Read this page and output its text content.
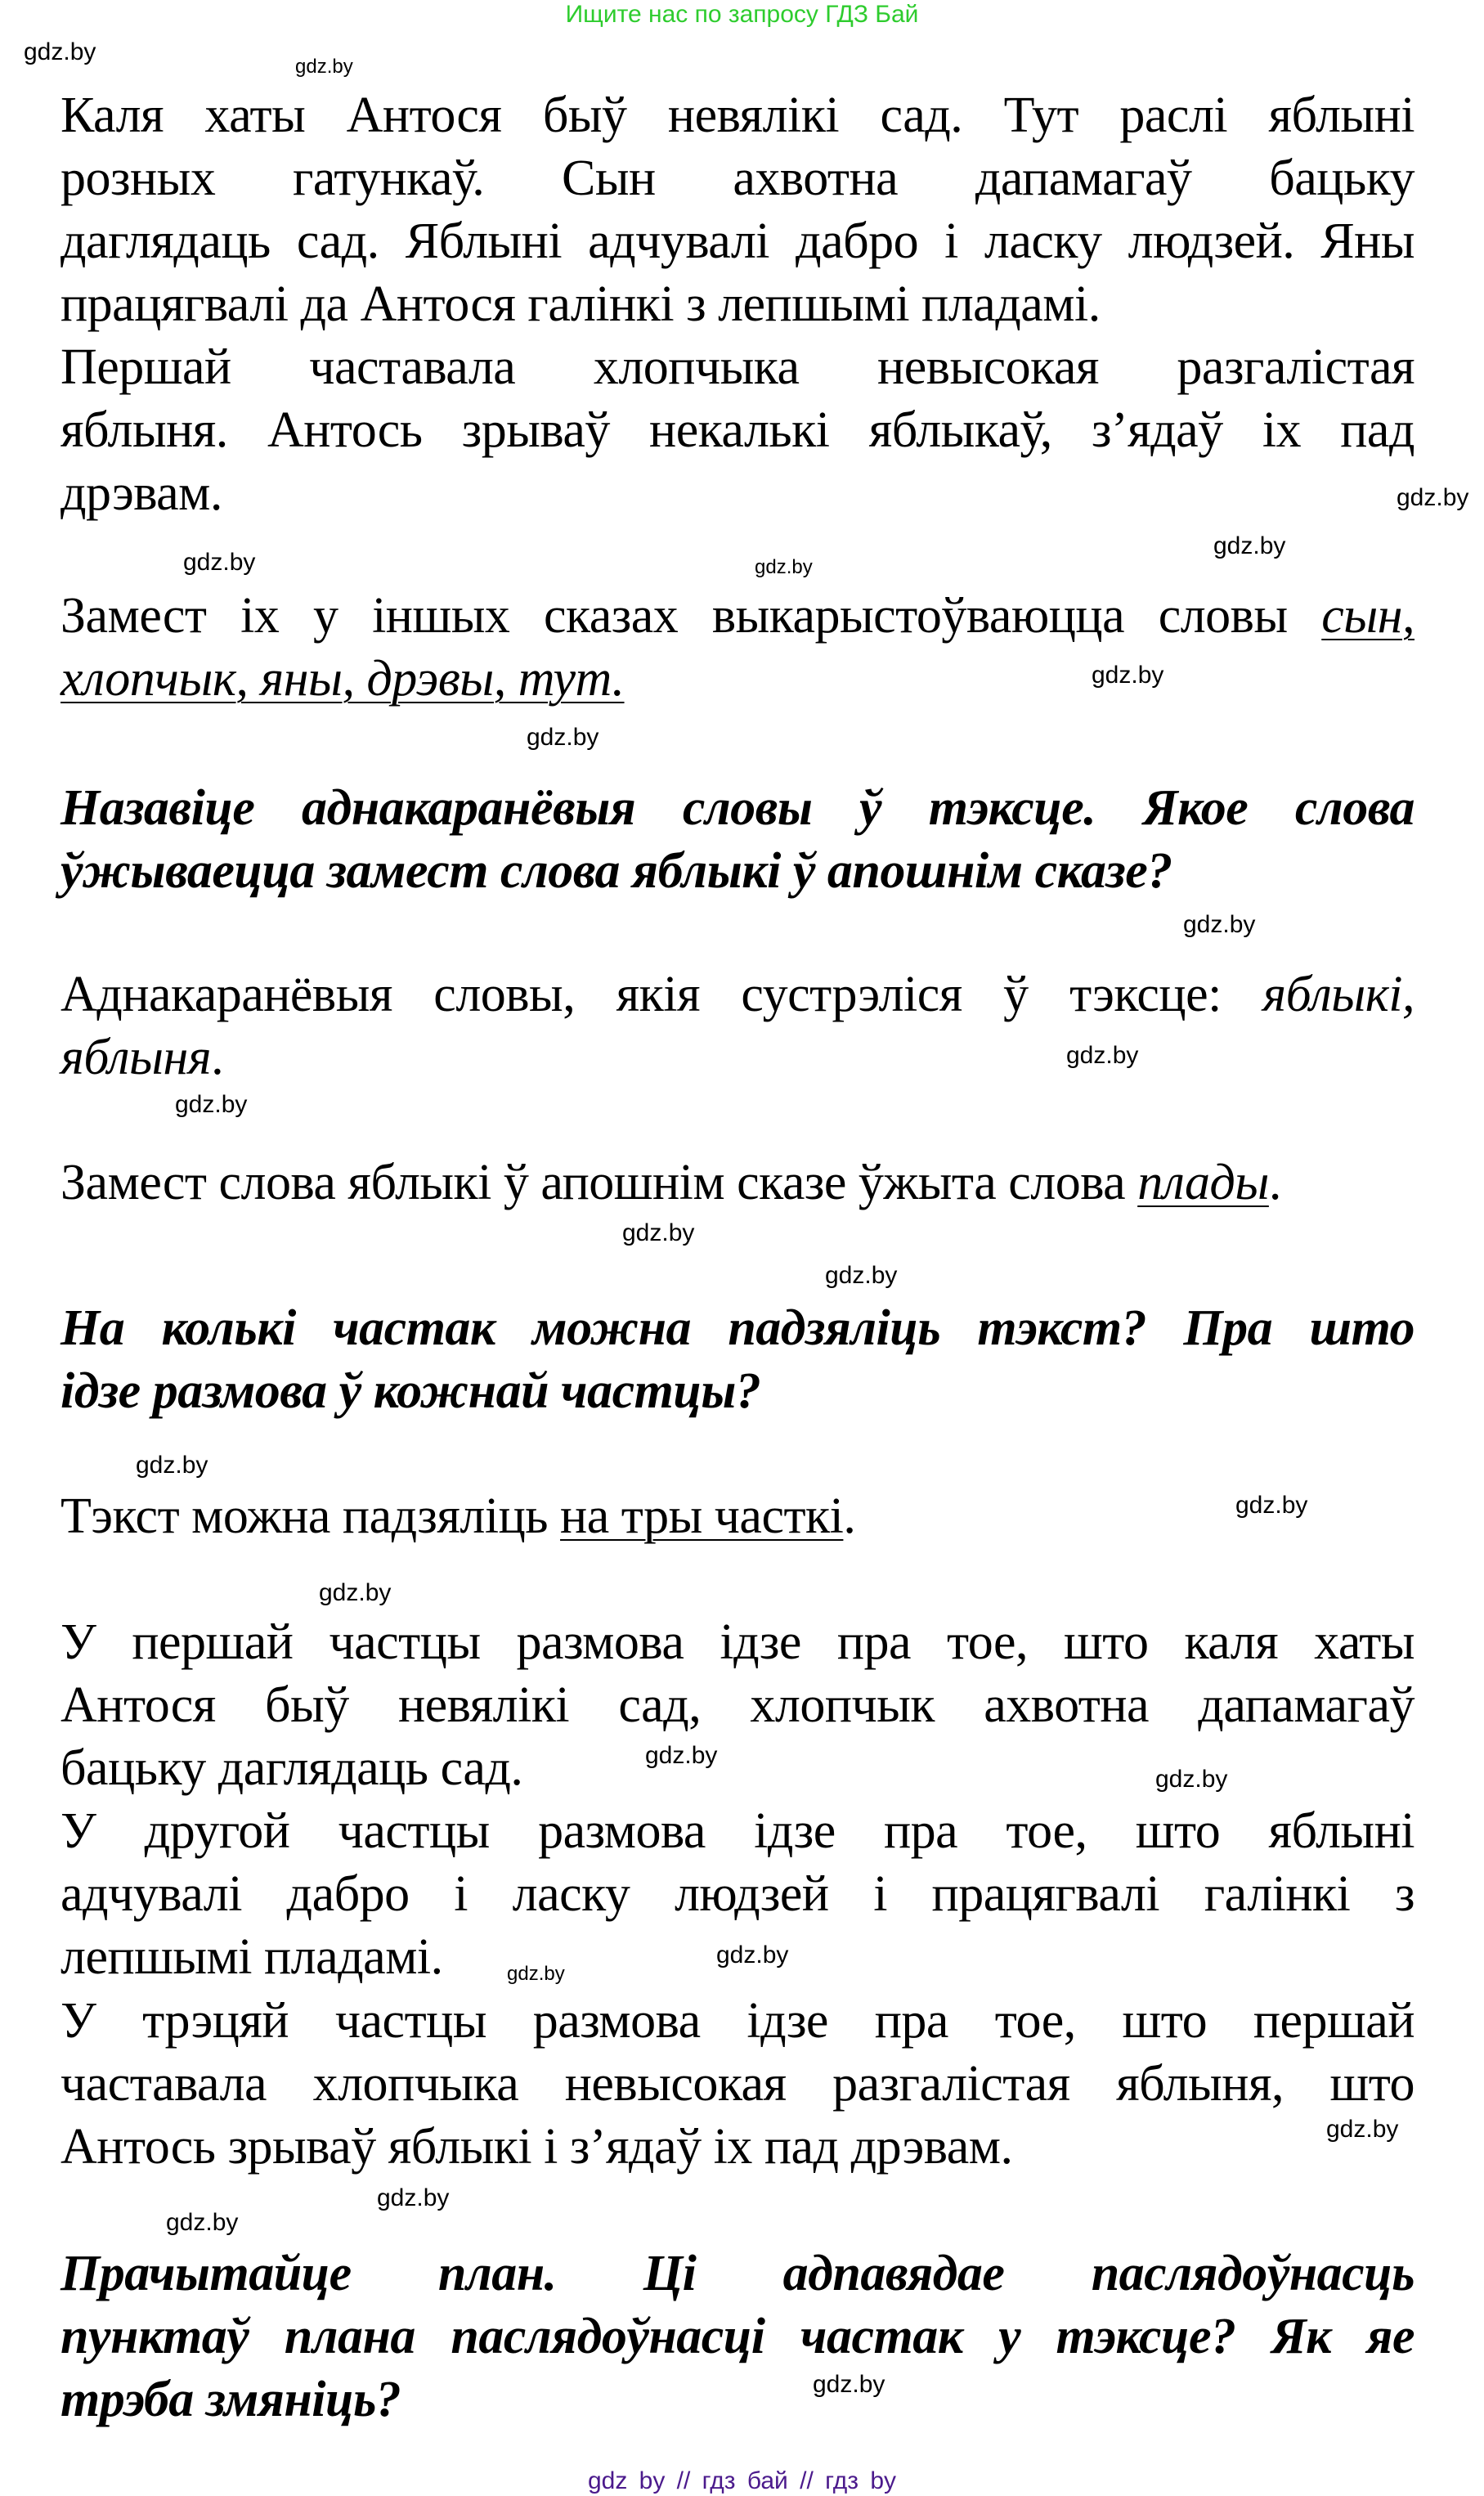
Ищите нас по запросу ГДЗ Бай
Каля хаты Антося быў невялікі сад. Тут раслі яблыні
розных гатункаў. Сын ахвотна дапамагаў бацьку
даглядаць сад. Яблыні адчувалі дабро і ласку людзей. Яны
працягвалі да Антося галінкі з лепшымі пладамі.
Першай частавала хлопчыка невысокая разгалістая
яблыня. Антось зрываў некалькі яблыкаў, з’ядаў іх пад
дрэвам.
Замест іх у іншых сказах выкарыстоўваюцца словы сын,
хлопчык, яны, дрэвы, тут.
Назавіце аднакаранёвыя словы ў тэксце. Якое слова
ўжываецца замест слова яблыкі ў апошнім сказе?
Аднакаранёвыя словы, якія сустрэліся ў тэксце: яблыкі,
яблыня.
Замест слова яблыкі ў апошнім сказе ўжыта слова плады.
На колькі частак можна падзяліць тэкст? Пра што
ідзе размова ў кожнай частцы?
Тэкст можна падзяліць на тры часткі.
У першай частцы размова ідзе пра тое, што каля хаты
Антося быў невялікі сад, хлопчык ахвотна дапамагаў
бацьку даглядаць сад.
У другой частцы размова ідзе пра тое, што яблыні
адчувалі дабро і ласку людзей і працягвалі галінкі з
лепшымі пладамі.
У трэцяй частцы размова ідзе пра тое, што першай
частавала хлопчыка невысокая разгалістая яблыня, што
Антось зрываў яблыкі і з’ядаў іх пад дрэвам.
Прачытайце план. Ці адпавядае паслядоўнасць
пунктаў плана паслядоўнасці частак у тэксце? Як яе
трэба змяніць?
gdz.by
gdz.by
gdz.by
gdz.by
gdz.by
gdz.by
gdz.by
gdz.by
gdz.by
gdz.by
gdz.by
gdz.by
gdz.by
gdz.by
gdz.by
gdz.by
gdz.by
gdz.by
gdz.by
gdz.by
gdz.by
gdz.by
gdz.by
gdz.by
gdz by // гдз бай // гдз by
